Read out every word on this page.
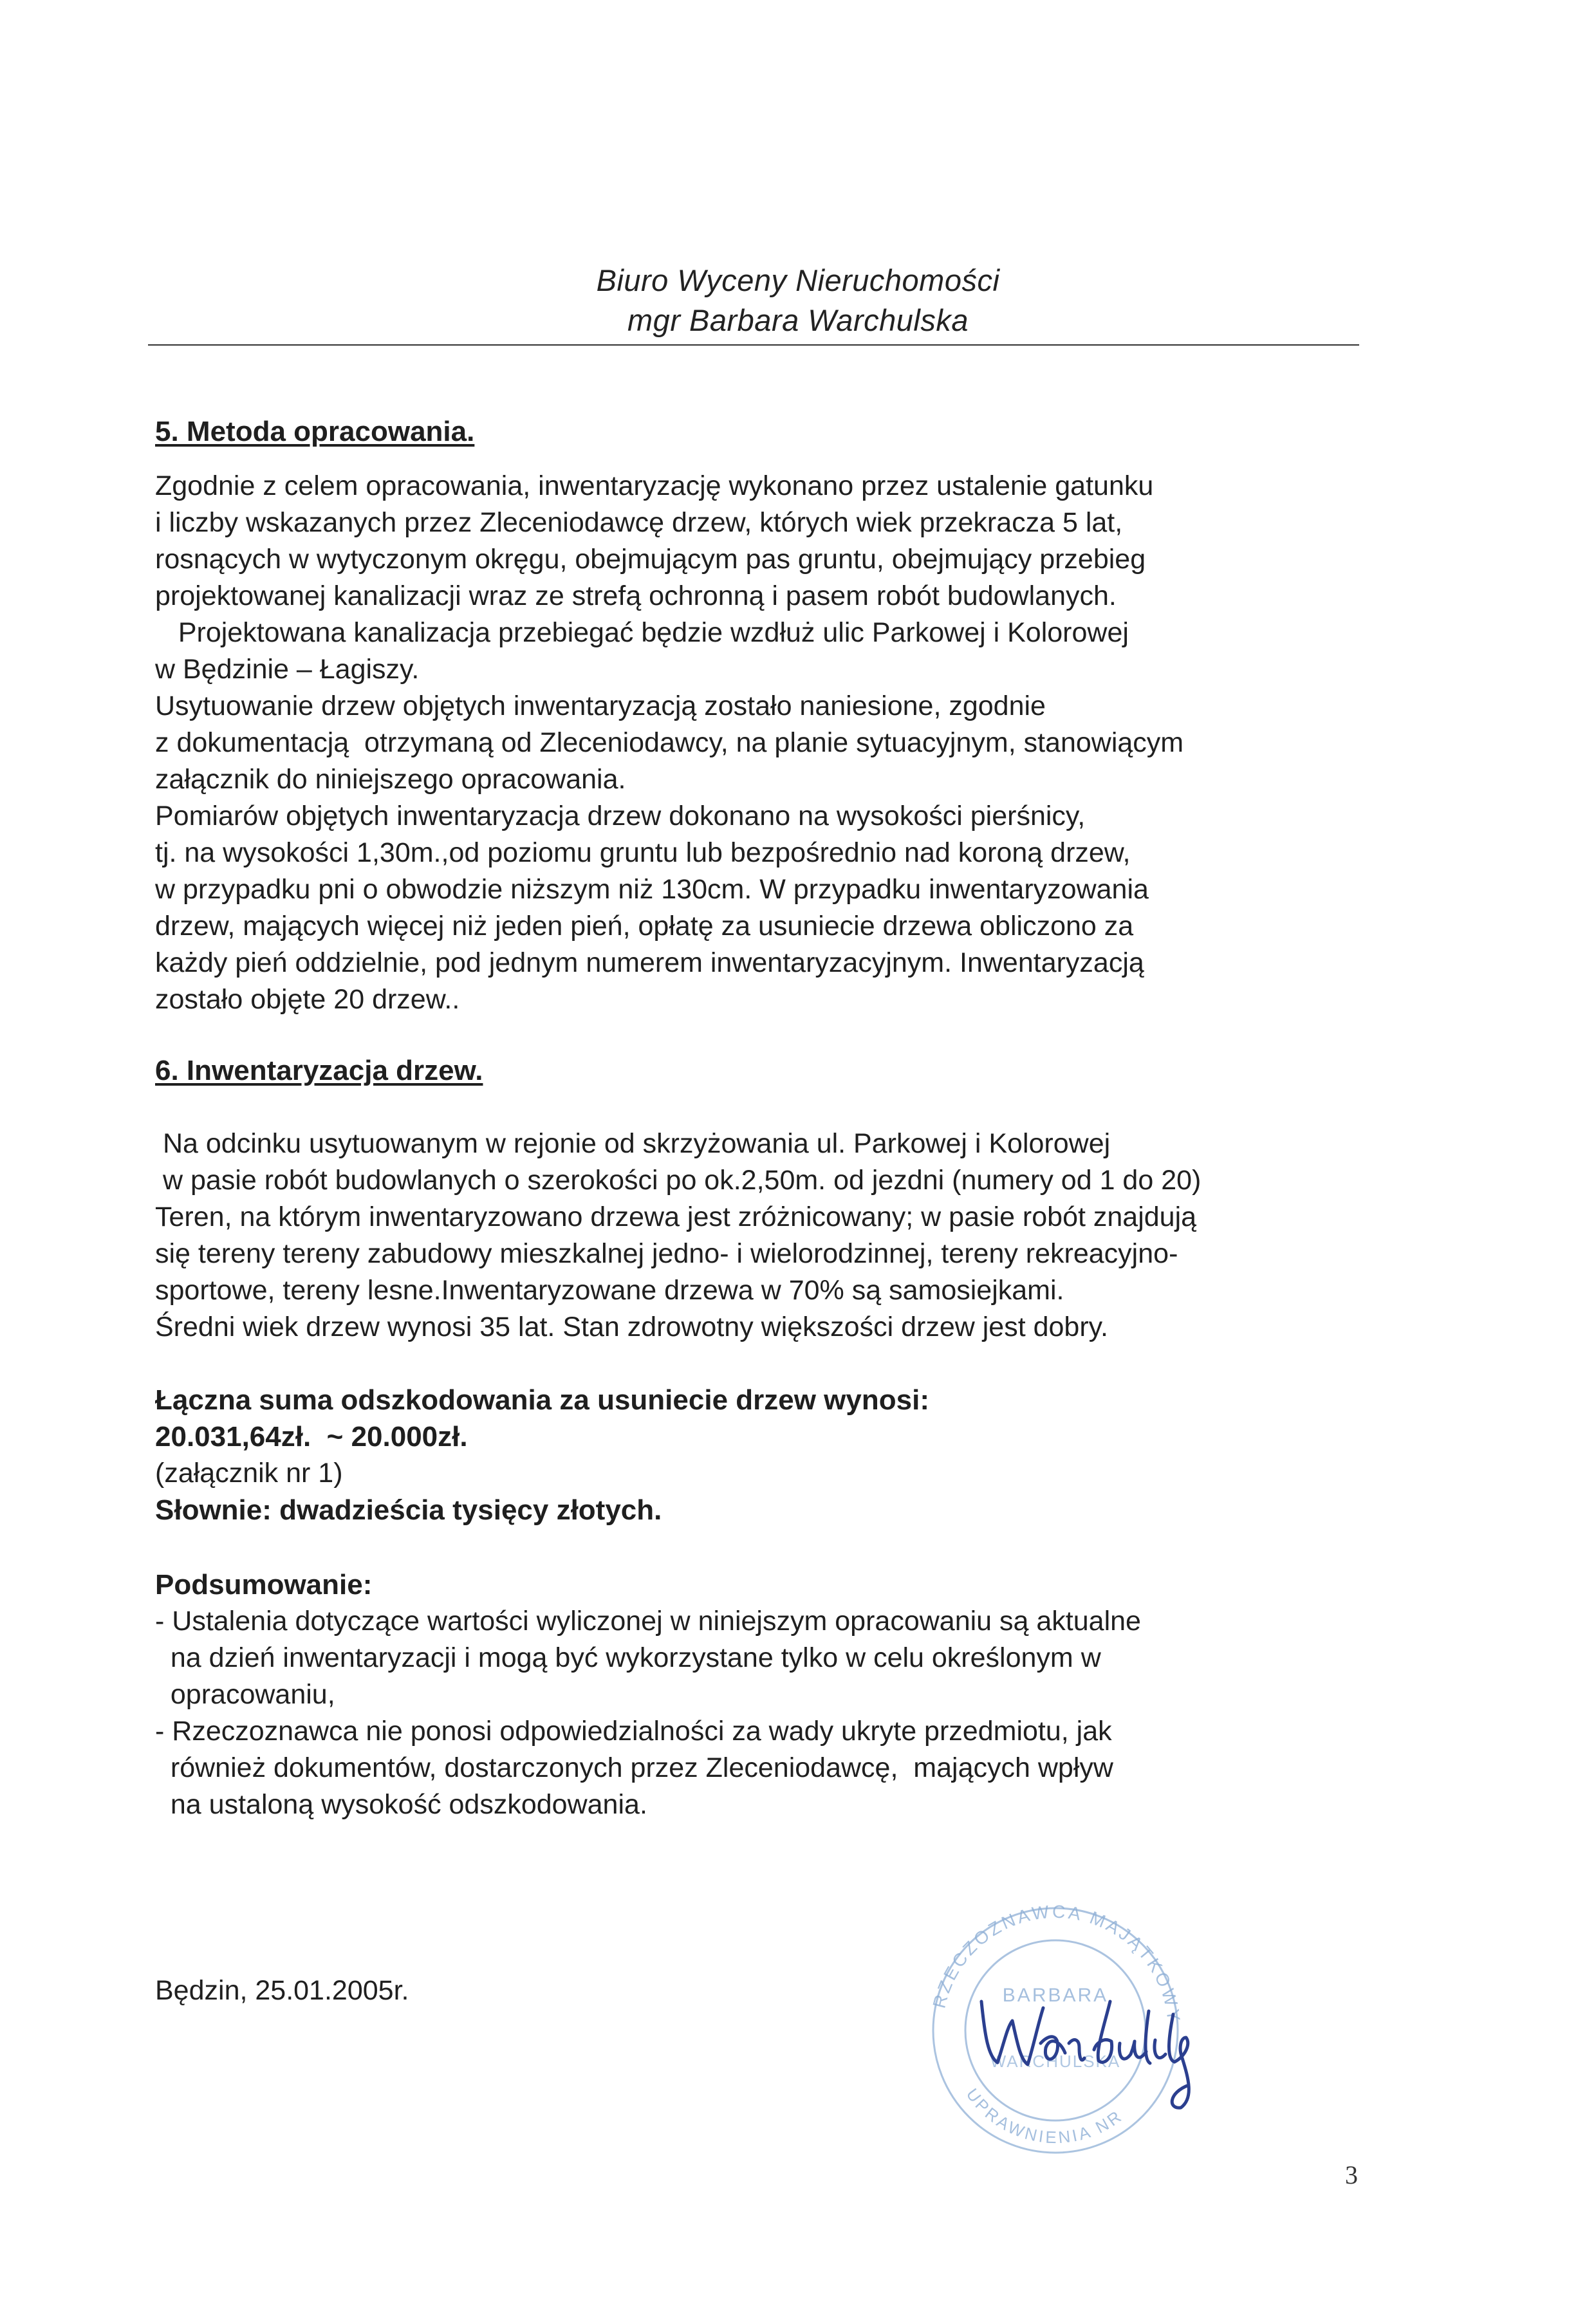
Biuro Wyceny Nieruchomości
mgr Barbara Warchulska
5. Metoda opracowania.
Zgodnie z celem opracowania, inwentaryzację wykonano przez ustalenie gatunku
i liczby wskazanych przez Zleceniodawcę drzew, których wiek przekracza 5 lat,
rosnących w wytyczonym okręgu, obejmującym pas gruntu, obejmujący przebieg
projektowanej kanalizacji wraz ze strefą ochronną i pasem robót budowlanych.
Projektowana kanalizacja przebiegać będzie wzdłuż ulic Parkowej i Kolorowej
w Będzinie – Łagiszy.
Usytuowanie drzew objętych inwentaryzacją zostało naniesione, zgodnie
z dokumentacją  otrzymaną od Zleceniodawcy, na planie sytuacyjnym, stanowiącym
załącznik do niniejszego opracowania.
Pomiarów objętych inwentaryzacja drzew dokonano na wysokości pierśnicy,
tj. na wysokości 1,30m.,od poziomu gruntu lub bezpośrednio nad koroną drzew,
w przypadku pni o obwodzie niższym niż 130cm. W przypadku inwentaryzowania
drzew, mających więcej niż jeden pień, opłatę za usuniecie drzewa obliczono za
każdy pień oddzielnie, pod jednym numerem inwentaryzacyjnym. Inwentaryzacją
zostało objęte 20 drzew..
6. Inwentaryzacja drzew.
Na odcinku usytuowanym w rejonie od skrzyżowania ul. Parkowej i Kolorowej
w pasie robót budowlanych o szerokości po ok.2,50m. od jezdni (numery od 1 do 20)
Teren, na którym inwentaryzowano drzewa jest zróżnicowany; w pasie robót znajdują
się tereny tereny zabudowy mieszkalnej jedno- i wielorodzinnej, tereny rekreacyjno-
sportowe, tereny lesne.Inwentaryzowane drzewa w 70% są samosiejkami.
Średni wiek drzew wynosi 35 lat. Stan zdrowotny większości drzew jest dobry.
Łączna suma odszkodowania za usuniecie drzew wynosi:
20.031,64zł.  ~ 20.000zł.
(załącznik nr 1)
Słownie: dwadzieścia tysięcy złotych.
Podsumowanie:
- Ustalenia dotyczące wartości wyliczonej w niniejszym opracowaniu są aktualne
na dzień inwentaryzacji i mogą być wykorzystane tylko w celu określonym w
opracowaniu,
- Rzeczoznawca nie ponosi odpowiedzialności za wady ukryte przedmiotu, jak
również dokumentów, dostarczonych przez Zleceniodawcę,  mających wpływ
na ustaloną wysokość odszkodowania.
Będzin, 25.01.2005r.	RZECZOZNAWCA MAJĄTKOWY
UPRAWNIENIA NR
BARBARA
WARCHULSKA
3
